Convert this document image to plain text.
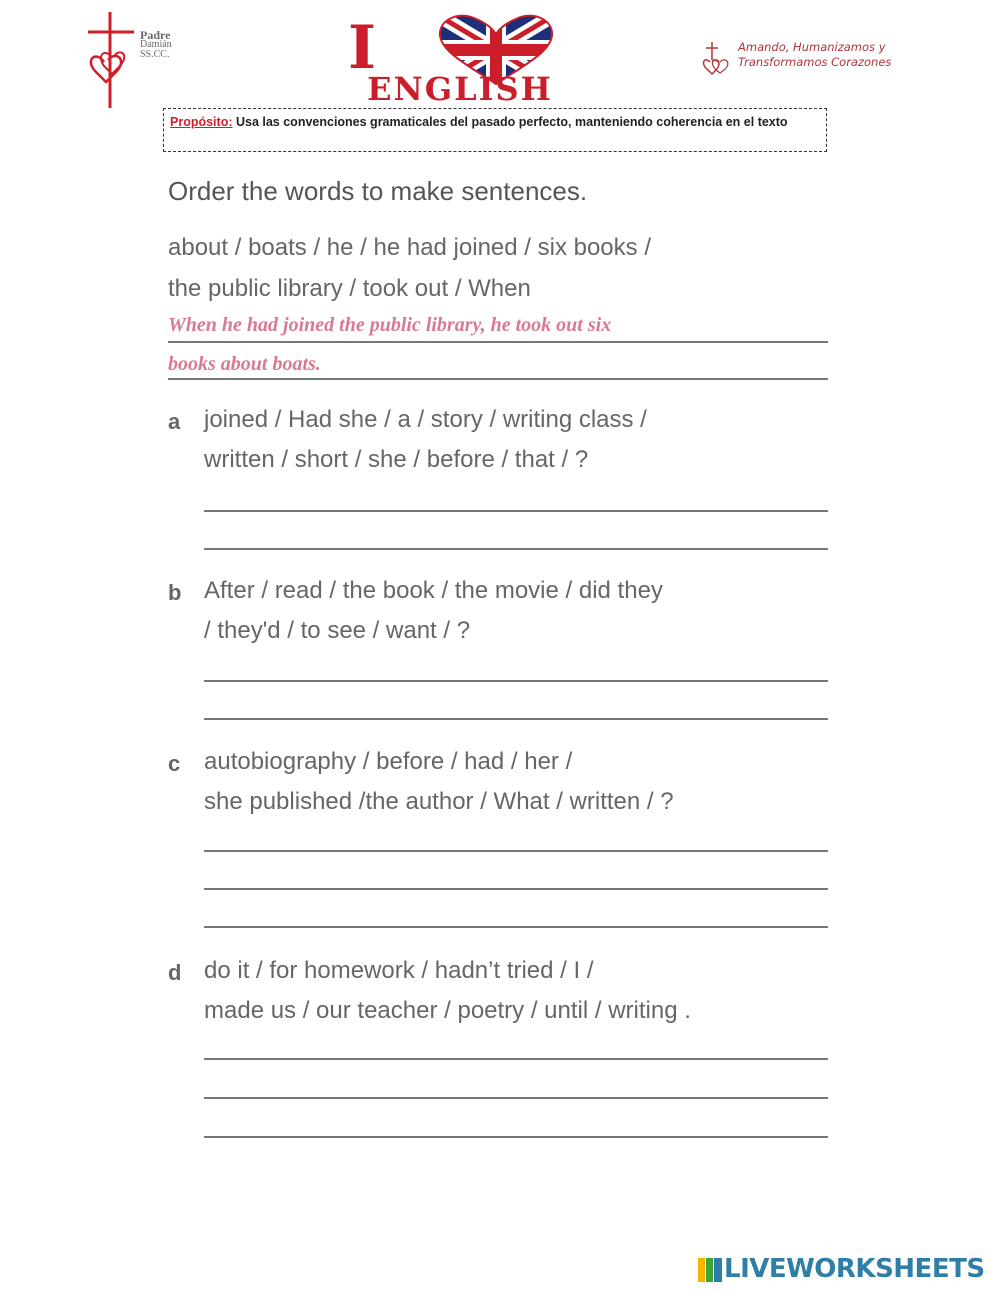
Padre
Damián
SS.CC.	I
ENGLISH
Amando, Humanizamos y
Transformamos Corazones
Propósito: Usa las convenciones gramaticales del pasado perfecto, manteniendo coherencia en el texto
Order the words to make sentences.
about / boats / he / he had joined / six books /
the public library / took out / When
When he had joined the public library, he took out six
books about boats.
a joined / Had she / a / story / writing class /
written / short / she / before / that / ?
b After / read / the book / the movie / did they
/ they'd / to see / want / ?
c autobiography / before / had / her /
she published /the author / What / written / ?
d do it / for homework / hadn’t tried / I /
made us / our teacher / poetry / until / writing .
LIVEWORKSHEETS
